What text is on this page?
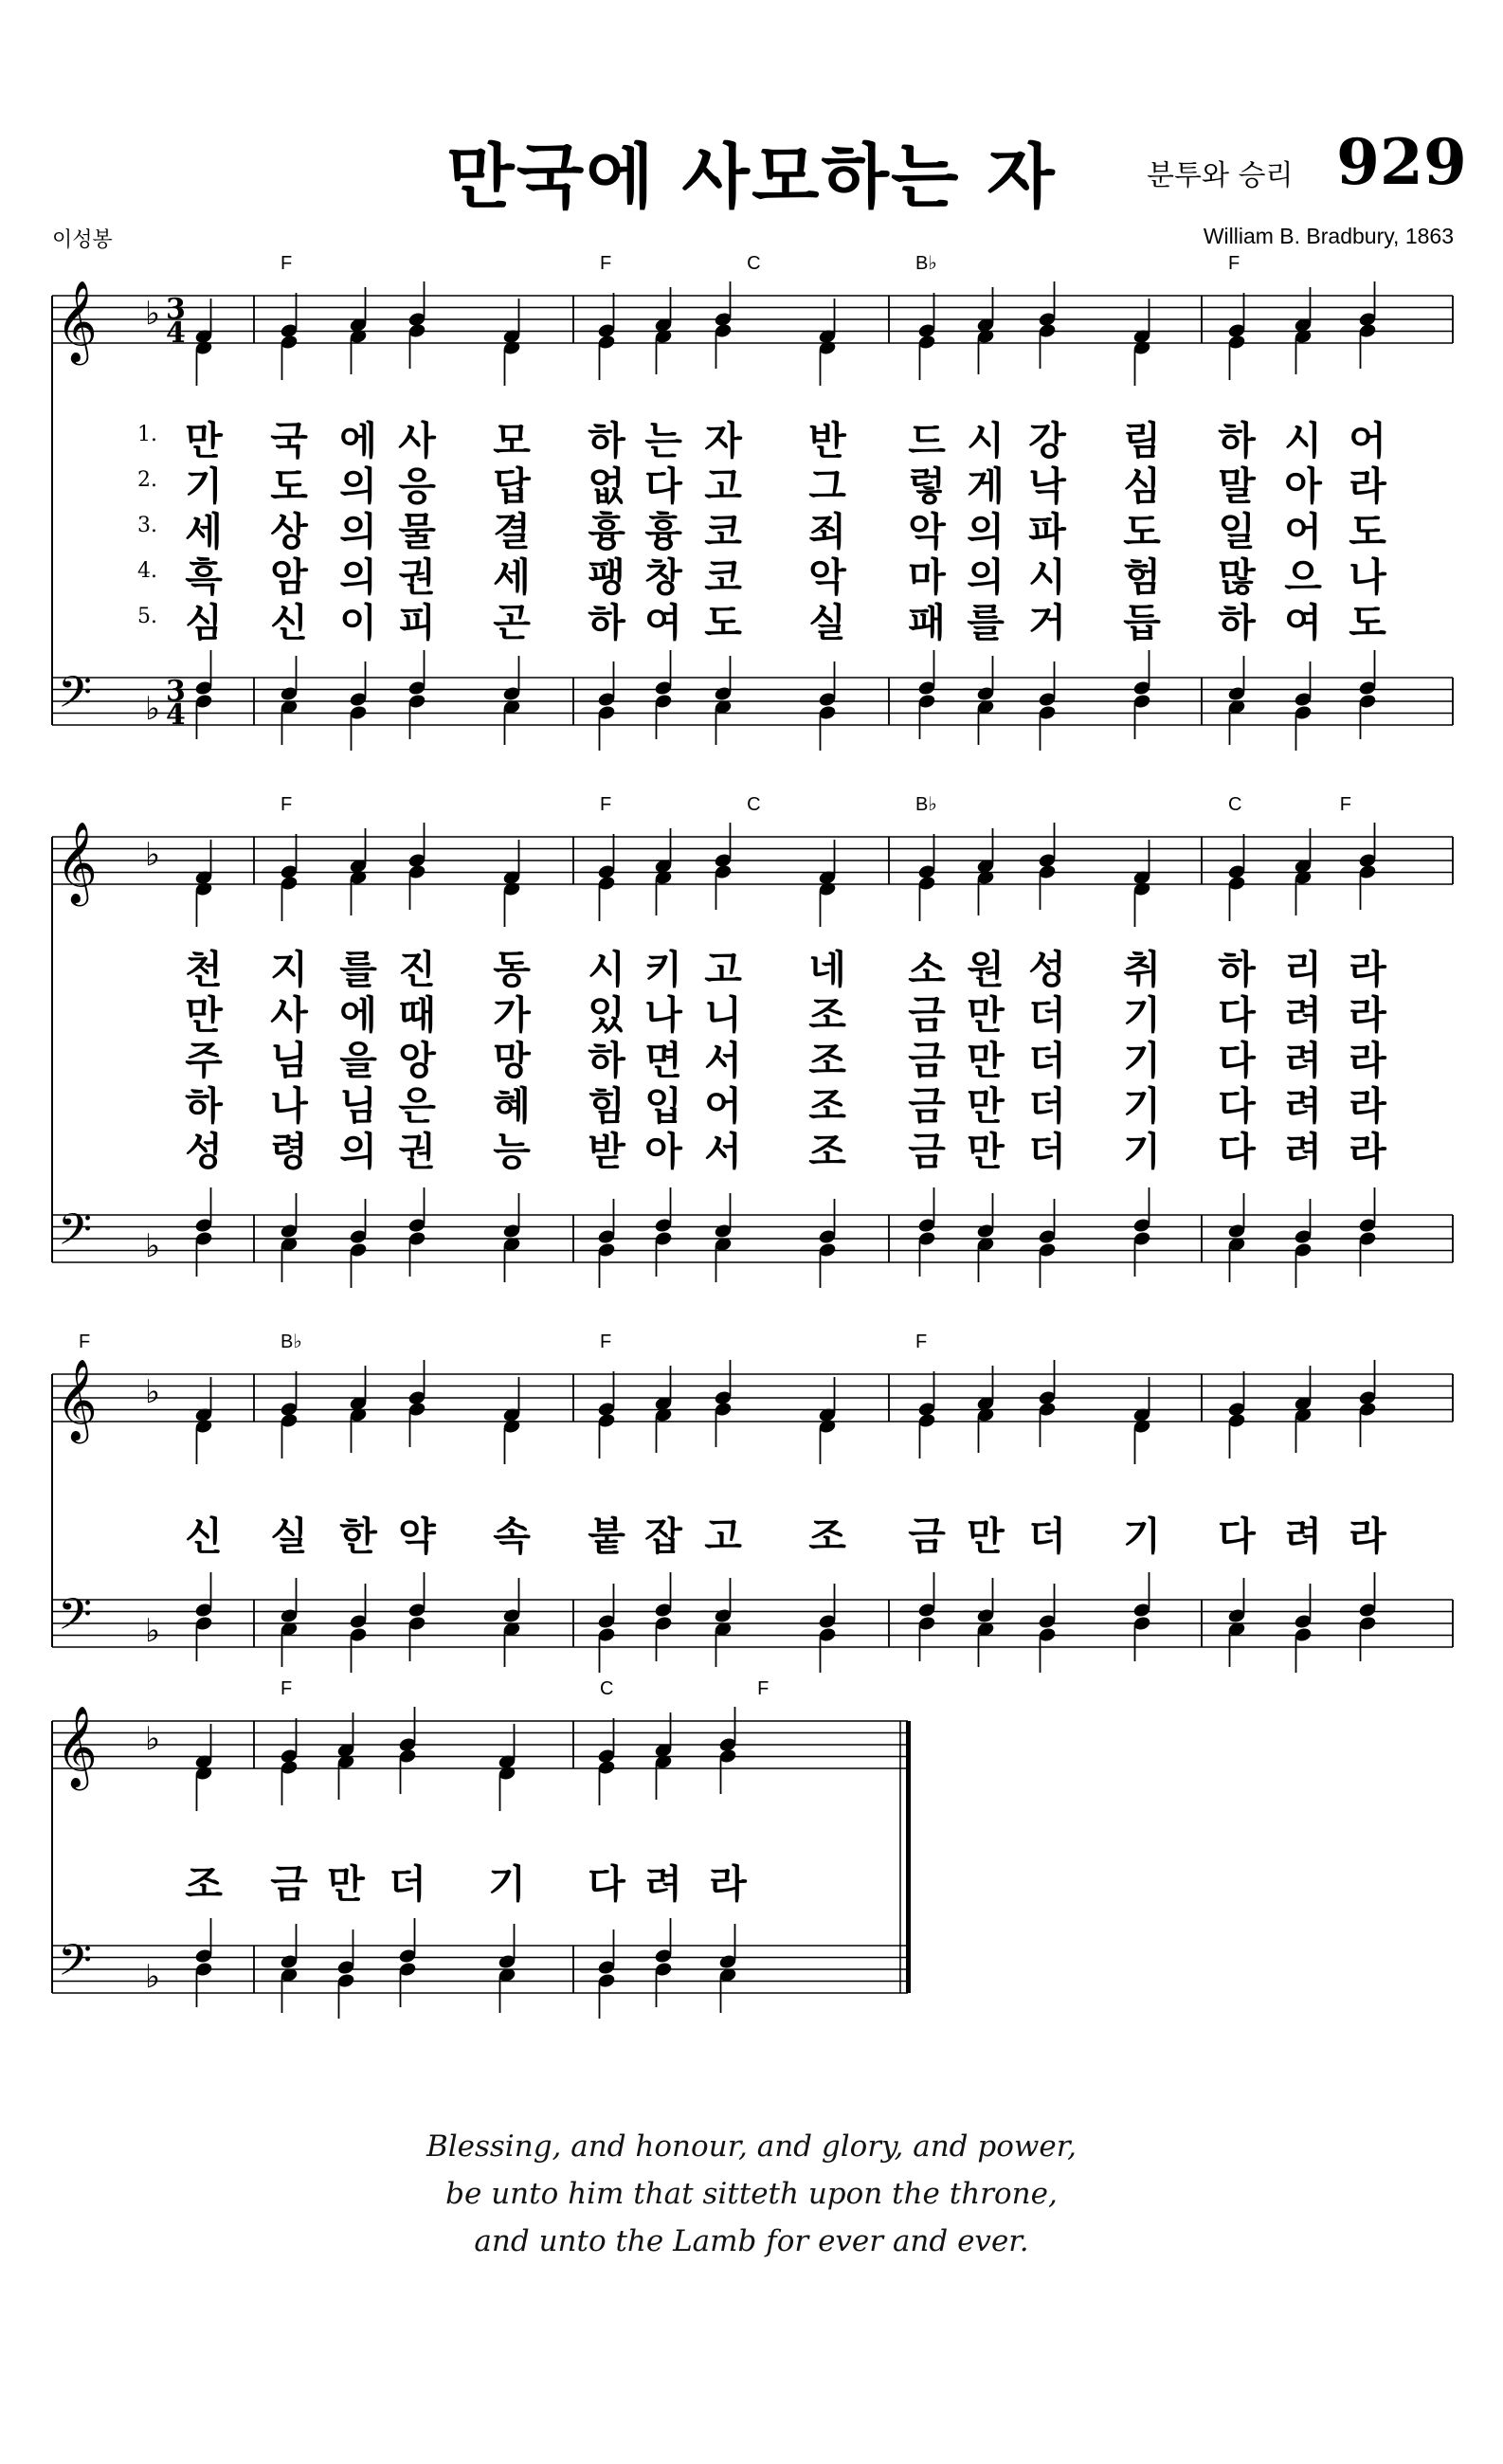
만국에 사모하는 자	분투와 승리 929
이성봉	William B. Bradbury, 1863
𝄞
𝄢
♭
♭
3
4
3
4
F	F	C	B♭	F
𝄞
𝄢
♭
♭
F	F	C	B♭	C	F
𝄞
𝄢
♭
♭
F	B♭	F	F
𝄞
𝄢
♭
♭
F	C	F
1. 만 국 에 사 모 하 는 자 반 드 시 강 림 하 시 어
2. 기 도 의 응 답 없 다 고 그 렇 게 낙 심 말 아 라
3. 세 상 의 물 결 흉 흉 코 죄 악 의 파 도 일 어 도
4. 흑 암 의 권 세 팽 창 코 악 마 의 시 험 많 으 나
5. 심 신 이 피 곤 하 여 도 실 패 를 거 듭 하 여 도
천 지 를 진 동 시 키 고 네 소 원 성 취 하 리 라
만 사 에 때 가 있 나 니 조 금 만 더 기 다 려 라
주 님 을 앙 망 하 면 서 조 금 만 더 기 다 려 라
하 나 님 은 혜 힘 입 어 조 금 만 더 기 다 려 라
성 령 의 권 능 받 아 서 조 금 만 더 기 다 려 라
신 실 한 약 속 붙 잡 고 조 금 만 더 기 다 려 라
조 금 만 더 기 다 려 라
Blessing, and honour, and glory, and power,
be unto him that sitteth upon the throne,
and unto the Lamb for ever and ever.
